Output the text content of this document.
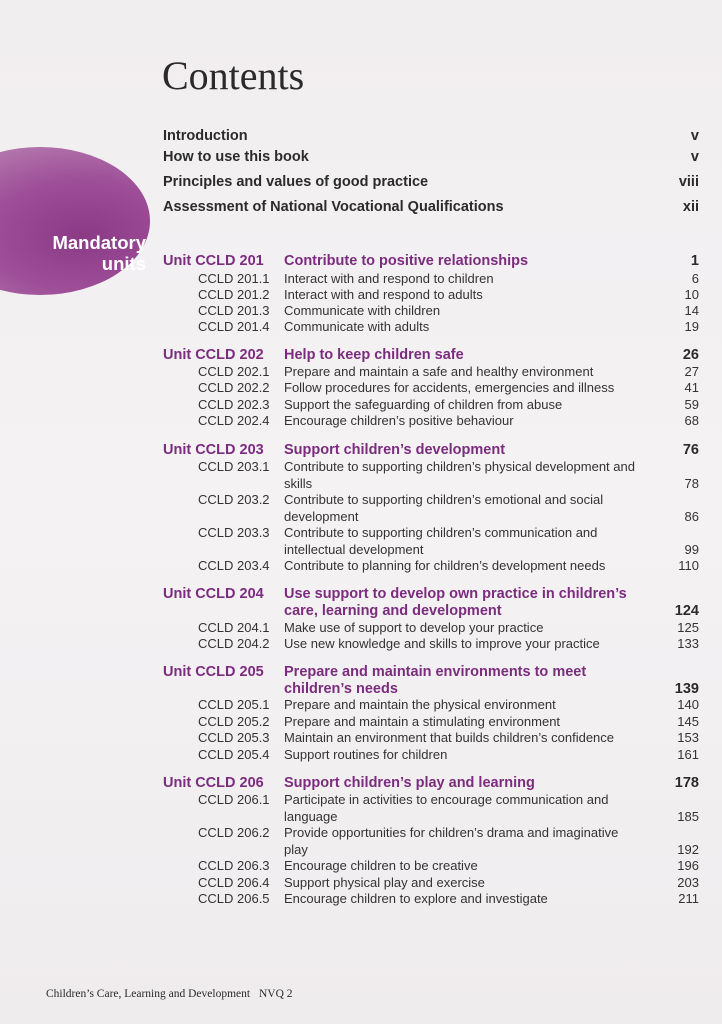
Contents
Introduction	v
How to use this book	v
Principles and values of good practice	viii
Assessment of National Vocational Qualifications	xii
Mandatory
units Unit CCLD 201 Contribute to positive relationships	1
CCLD 201.1 Interact with and respond to children	6
CCLD 201.2 Interact with and respond to adults	10
CCLD 201.3 Communicate with children	14
CCLD 201.4 Communicate with adults	19
Unit CCLD 202 Help to keep children safe	26
CCLD 202.1 Prepare and maintain a safe and healthy environment	27
CCLD 202.2 Follow procedures for accidents, emergencies and illness	41
CCLD 202.3 Support the safeguarding of children from abuse	59
CCLD 202.4 Encourage children’s positive behaviour	68
Unit CCLD 203 Support children’s development	76
CCLD 203.1 Contribute to supporting children’s physical development and skills	78
CCLD 203.2 Contribute to supporting children’s emotional and social development	86
CCLD 203.3 Contribute to supporting children’s communication and intellectual development	99
CCLD 203.4 Contribute to planning for children’s development needs	110
Unit CCLD 204 Use support to develop own practice in children’s care, learning and development	124
CCLD 204.1 Make use of support to develop your practice	125
CCLD 204.2 Use new knowledge and skills to improve your practice	133
Unit CCLD 205 Prepare and maintain environments to meet children’s needs	139
CCLD 205.1 Prepare and maintain the physical environment	140
CCLD 205.2 Prepare and maintain a stimulating environment	145
CCLD 205.3 Maintain an environment that builds children’s confidence	153
CCLD 205.4 Support routines for children	161
Unit CCLD 206 Support children’s play and learning	178
CCLD 206.1 Participate in activities to encourage communication and language	185
CCLD 206.2 Provide opportunities for children’s drama and imaginative play	192
CCLD 206.3 Encourage children to be creative	196
CCLD 206.4 Support physical play and exercise	203
CCLD 206.5 Encourage children to explore and investigate	211
Children’s Care, Learning and Development NVQ 2
